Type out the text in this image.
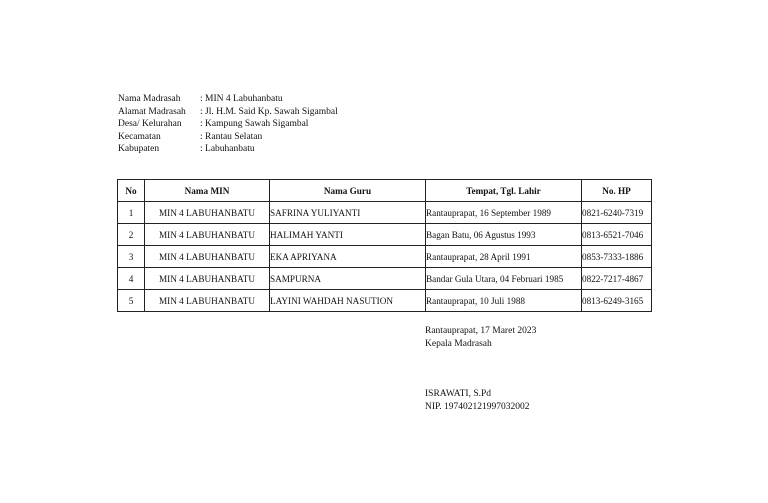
Nama Madrasah	: MIN 4 Labuhanbatu
Alamat Madrasah	: Jl. H.M. Said Kp. Sawah Sigambal
Desa/ Kelurahan	: Kampung Sawah Sigambal
Kecamatan	: Rantau Selatan
Kabupaten	: Labuhanbatu
No	Nama MIN	Nama Guru	Tempat, Tgl. Lahir	No. HP
1	MIN 4 LABUHANBATU	SAFRINA YULIYANTI	Rantauprapat, 16 September 1989	0821-6240-7319
2	MIN 4 LABUHANBATU	HALIMAH YANTI	Bagan Batu, 06 Agustus 1993	0813-6521-7046
3	MIN 4 LABUHANBATU	EKA APRIYANA	Rantauprapat, 28 April 1991	0853-7333-1886
4	MIN 4 LABUHANBATU	SAMPURNA	Bandar Gula Utara, 04 Februari 1985	0822-7217-4867
5	MIN 4 LABUHANBATU	LAYINI WAHDAH NASUTION	Rantauprapat, 10 Juli 1988	0813-6249-3165
Rantauprapat, 17 Maret 2023
Kepala Madrasah
ISRAWATI, S.Pd
NIP. 197402121997032002
